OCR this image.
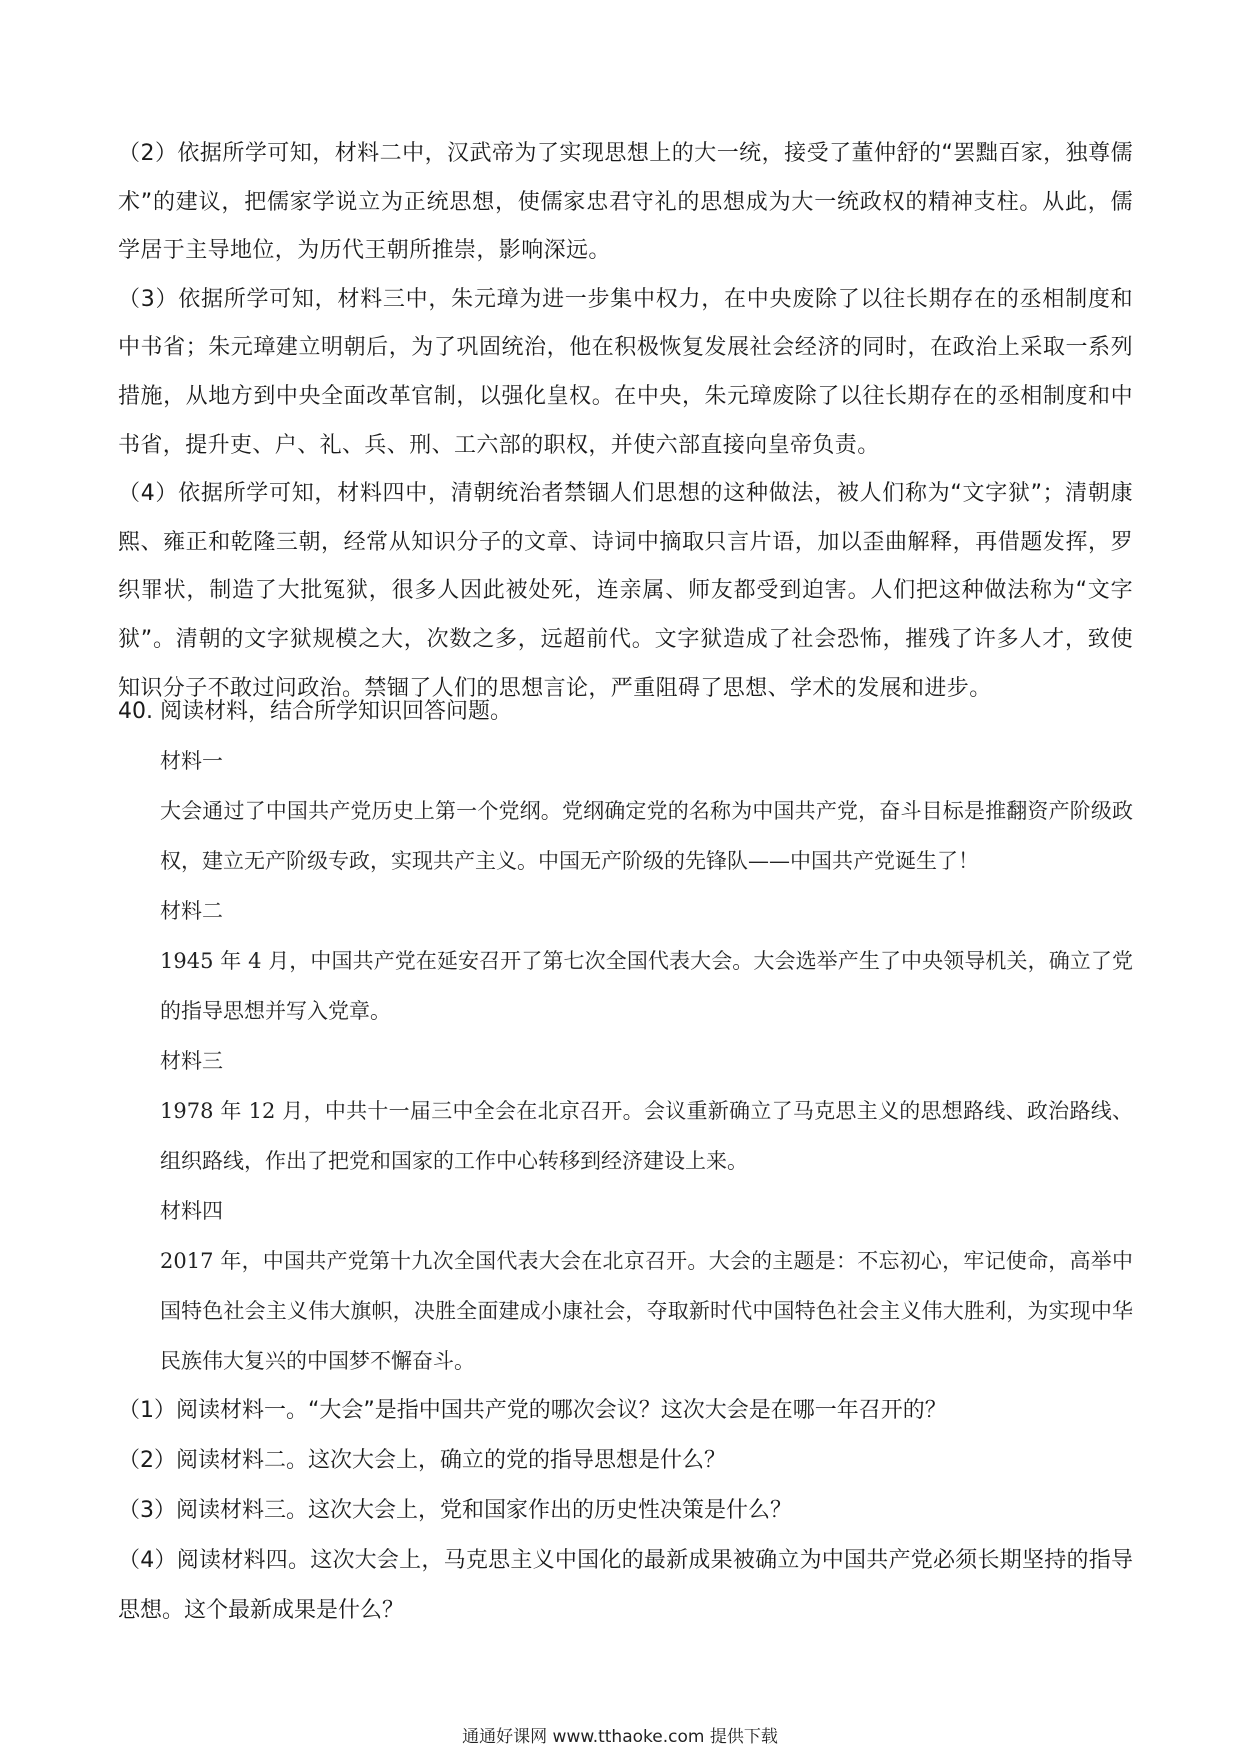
（2）依据所学可知，材料二中，汉武帝为了实现思想上的大一统，接受了董仲舒的“罢黜百家，独尊儒术”的建议，把儒家学说立为正统思想，使儒家忠君守礼的思想成为大一统政权的精神支柱。从此，儒学居于主导地位，为历代王朝所推崇，影响深远。

（3）依据所学可知，材料三中，朱元璋为进一步集中权力，在中央废除了以往长期存在的丞相制度和中书省；朱元璋建立明朝后，为了巩固统治，他在积极恢复发展社会经济的同时，在政治上采取一系列措施，从地方到中央全面改革官制，以强化皇权。在中央，朱元璋废除了以往长期存在的丞相制度和中书省，提升吏、户、礼、兵、刑、工六部的职权，并使六部直接向皇帝负责。

（4）依据所学可知，材料四中，清朝统治者禁锢人们思想的这种做法，被人们称为“文字狱”；清朝康熙、雍正和乾隆三朝，经常从知识分子的文章、诗词中摘取只言片语，加以歪曲解释，再借题发挥，罗织罪状，制造了大批冤狱，很多人因此被处死，连亲属、师友都受到迫害。人们把这种做法称为“文字狱”。清朝的文字狱规模之大，次数之多，远超前代。文字狱造成了社会恐怖，摧残了许多人才，致使知识分子不敢过问政治。禁锢了人们的思想言论，严重阻碍了思想、学术的发展和进步。

40. 阅读材料，结合所学知识回答问题。

材料一

大会通过了中国共产党历史上第一个党纲。党纲确定党的名称为中国共产党，奋斗目标是推翻资产阶级政权，建立无产阶级专政，实现共产主义。中国无产阶级的先锋队——中国共产党诞生了！

材料二

1945 年 4 月，中国共产党在延安召开了第七次全国代表大会。大会选举产生了中央领导机关，确立了党的指导思想并写入党章。

材料三

1978 年 12 月，中共十一届三中全会在北京召开。会议重新确立了马克思主义的思想路线、政治路线、组织路线，作出了把党和国家的工作中心转移到经济建设上来。

材料四

2017 年，中国共产党第十九次全国代表大会在北京召开。大会的主题是：不忘初心，牢记使命，高举中国特色社会主义伟大旗帜，决胜全面建成小康社会，夺取新时代中国特色社会主义伟大胜利，为实现中华民族伟大复兴的中国梦不懈奋斗。

（1）阅读材料一。“大会”是指中国共产党的哪次会议？这次大会是在哪一年召开的？

（2）阅读材料二。这次大会上，确立的党的指导思想是什么？

（3）阅读材料三。这次大会上，党和国家作出的历史性决策是什么？

（4）阅读材料四。这次大会上，马克思主义中国化的最新成果被确立为中国共产党必须长期坚持的指导思想。这个最新成果是什么？

通通好课网 www.tthaoke.com 提供下载
